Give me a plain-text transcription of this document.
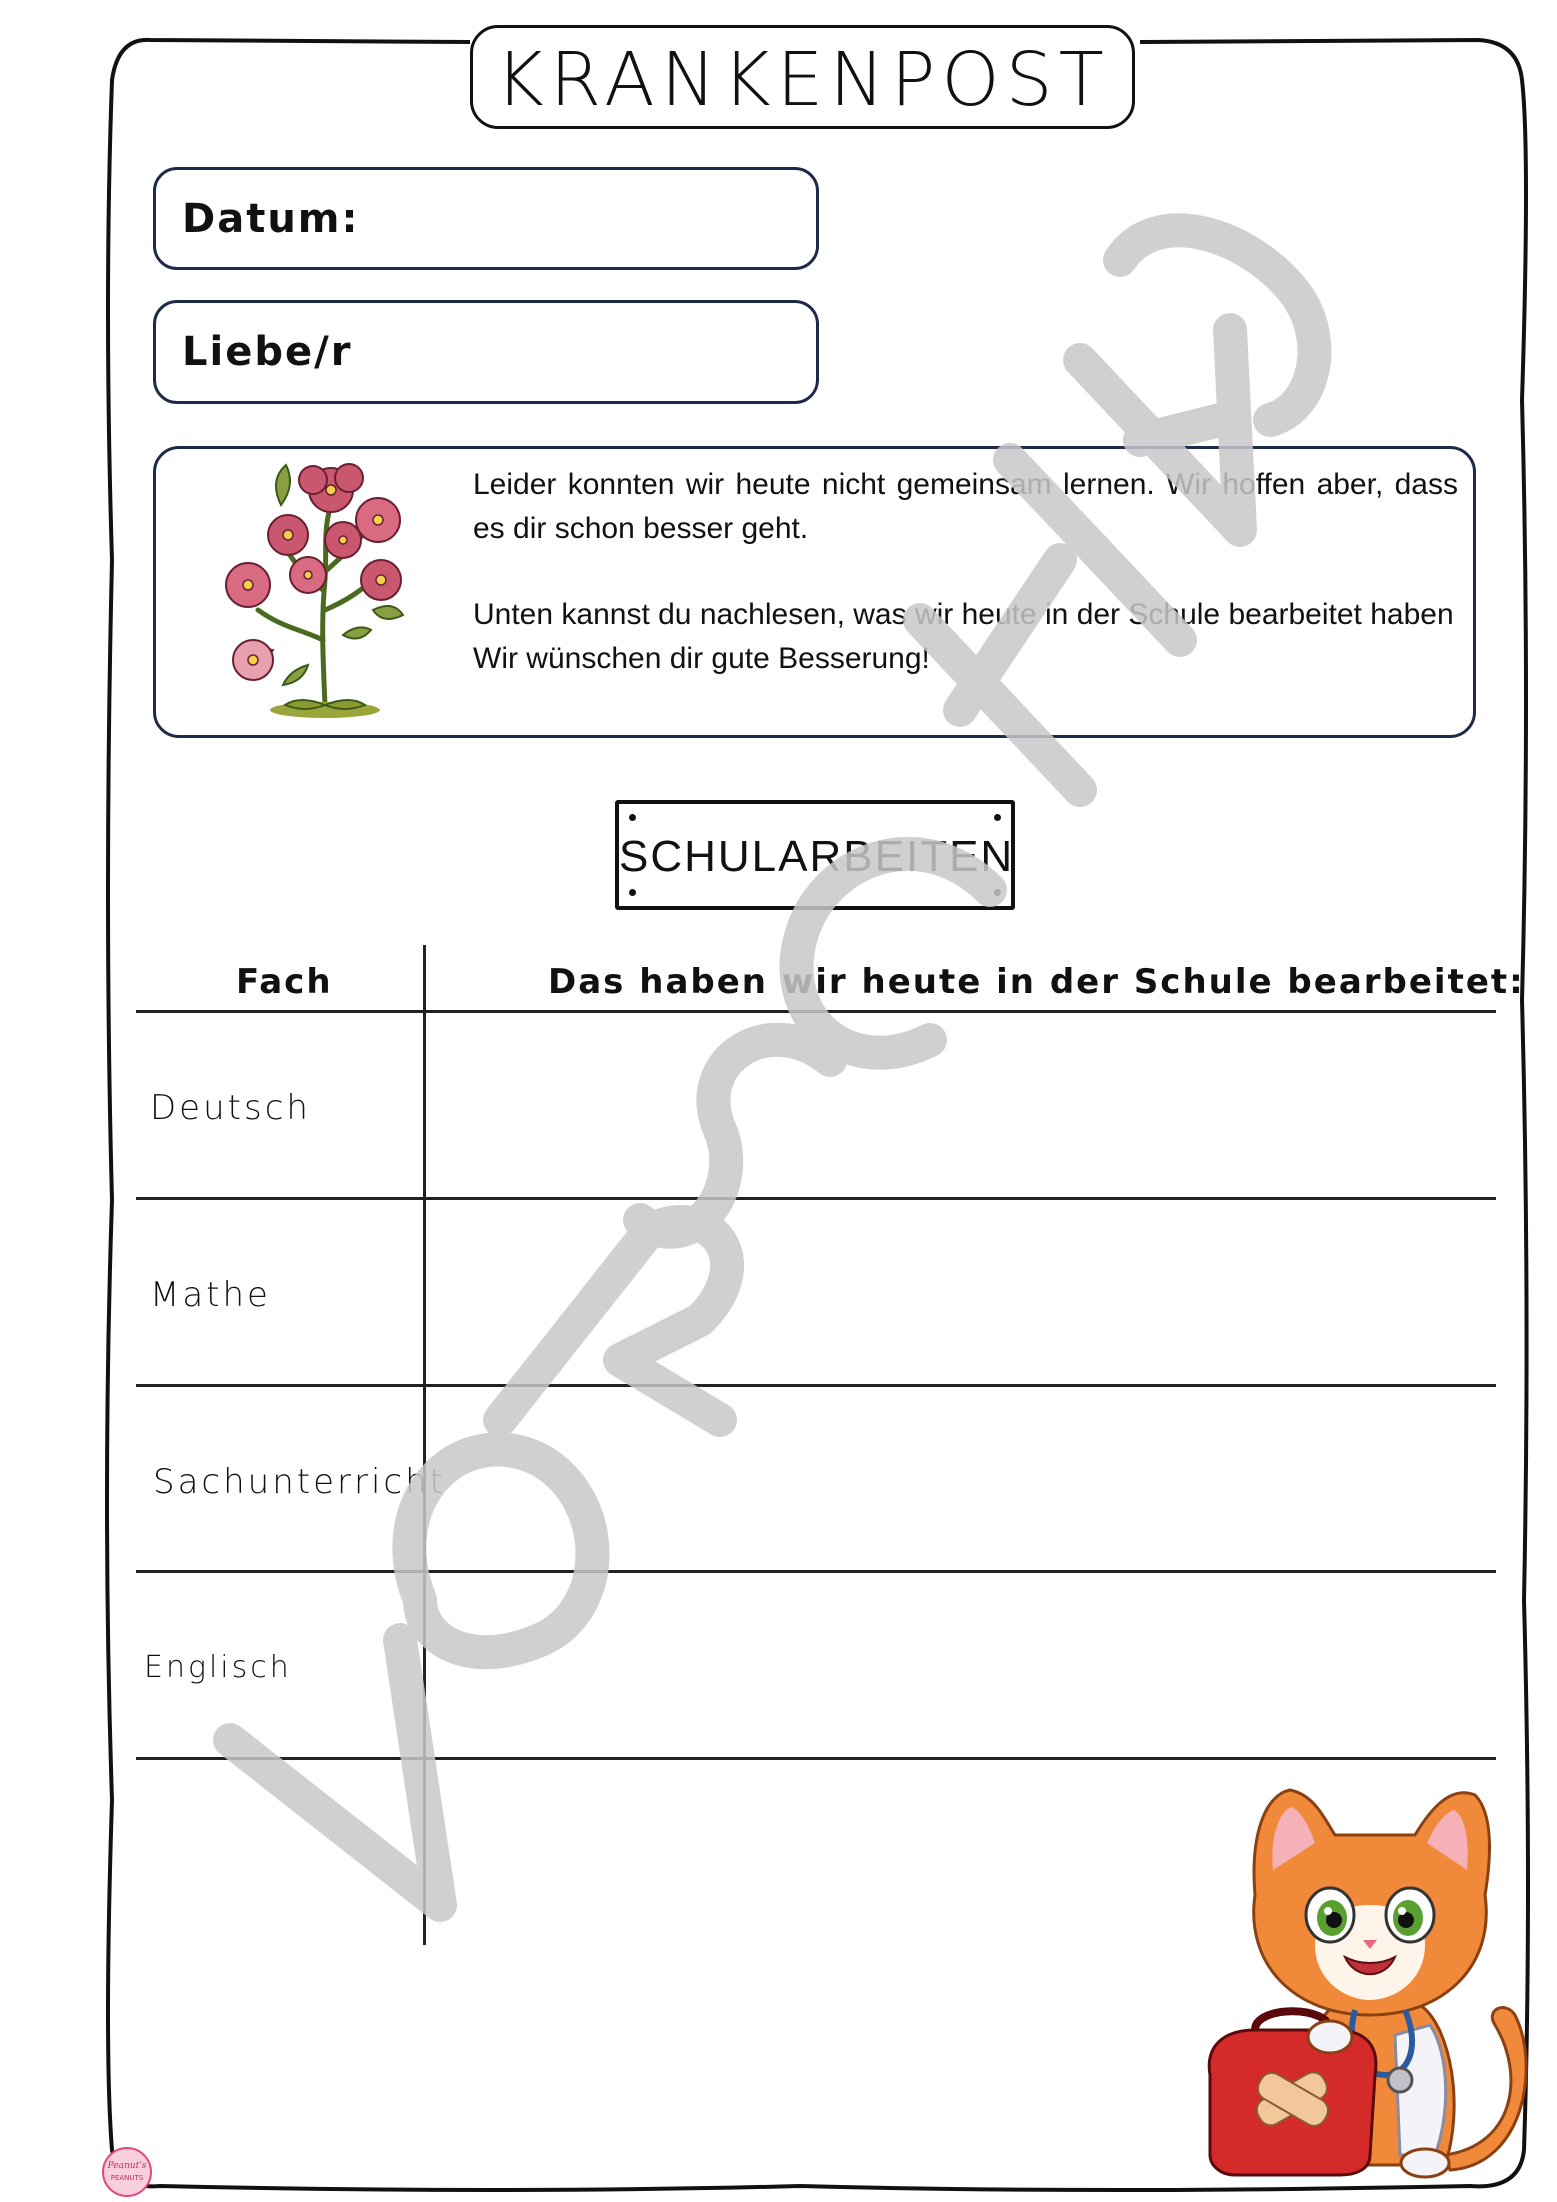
KRANKENPOST
Datum:
Liebe/r

Leider konnten wir heute nicht gemeinsam lernen. Wir hoffen aber, dass es dir schon besser geht.

Unten kannst du nachlesen, was wir heute in der Schule bearbeitet haben
Wir wünschen dir gute Besserung!

SCHULARBEITEN
Fach	Das haben wir heute in der Schule bearbeitet:
Deutsch
Mathe
Sachunterricht
Englisch
Peanut's
PEANUTS
